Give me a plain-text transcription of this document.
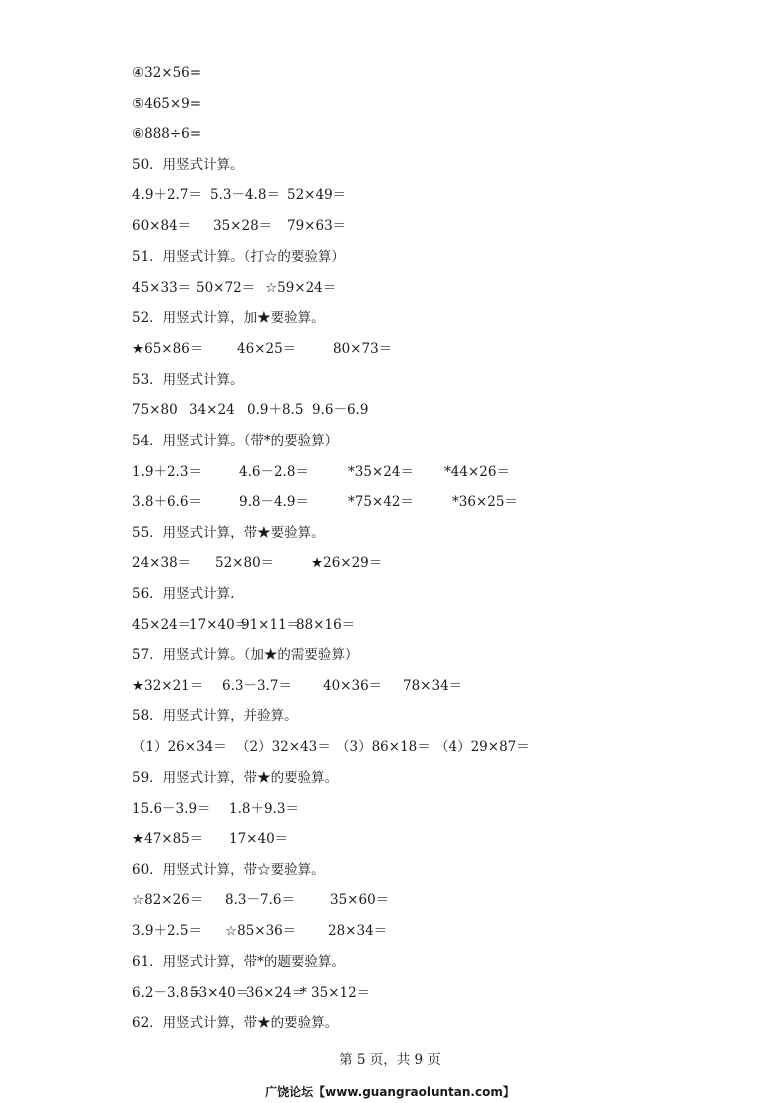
④32×56=
⑤465×9=
⑥888÷6=
50．用竖式计算。
4.9＋2.7＝ 5.3－4.8＝ 52×49＝
60×84＝ 35×28＝ 79×63＝
51．用竖式计算。（打☆的要验算）
45×33＝ 50×72＝ ☆59×24＝
52．用竖式计算，加★要验算。
★65×86＝ 46×25＝	80×73＝
53．用竖式计算。
75×80 34×24 0.9＋8.5 9.6－6.9
54．用竖式计算。（带*的要验算）
1.9＋2.3＝	4.6－2.8＝	*35×24＝ *44×26＝
3.8＋6.6＝	9.8－4.9＝	*75×42＝	*36×25＝
55．用竖式计算，带★要验算。
24×38＝ 52×80＝	★26×29＝
56．用竖式计算.
45×24＝
17×40＝
91×11＝
88×16＝
57．用竖式计算。（加★的需要验算）
★32×21＝ 6.3－3.7＝ 40×36＝ 78×34＝
58．用竖式计算，并验算。
（1）26×34＝ （2）32×43＝ （3）86×18＝ （4）29×87＝
59．用竖式计算，带★的要验算。
15.6－3.9＝ 1.8＋9.3＝
★47×85＝ 17×40＝
60．用竖式计算，带☆要验算。
☆82×26＝ 8.3－7.6＝	35×60＝
3.9＋2.5＝ ☆85×36＝ 28×34＝
61．用竖式计算，带*的题要验算。
6.2－3.8＝
53×40＝
36×24＝
* 35×12＝
62．用竖式计算，带★的要验算。
第 5 页，共 9 页
广饶论坛【www.guangraoluntan.com】
